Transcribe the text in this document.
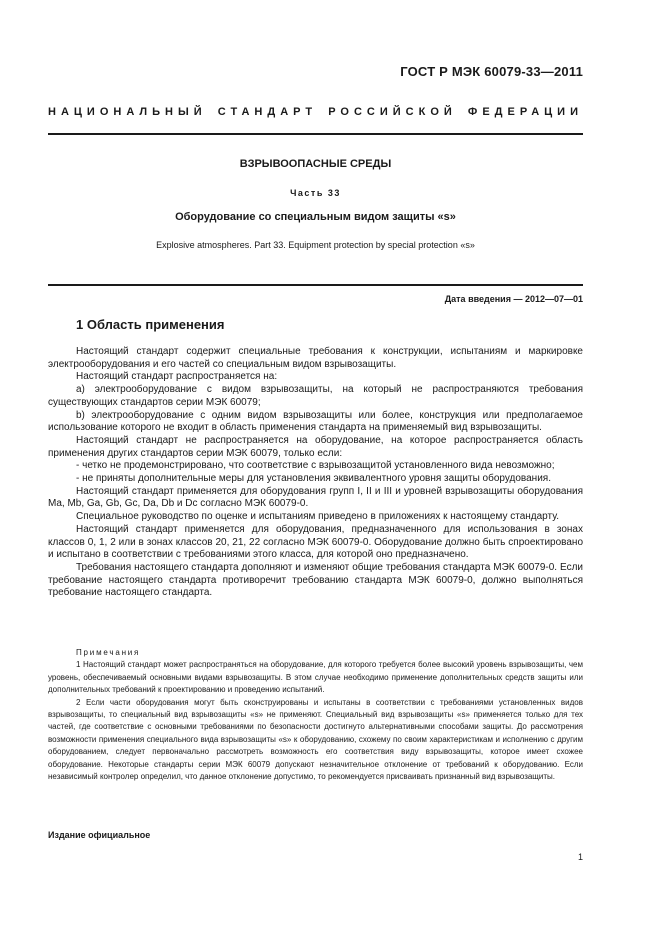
ГОСТ Р МЭК 60079-33—2011
НАЦИОНАЛЬНЫЙ СТАНДАРТ РОССИЙСКОЙ ФЕДЕРАЦИИ
ВЗРЫВООПАСНЫЕ СРЕДЫ
Часть 33
Оборудование со специальным видом защиты «s»
Explosive atmospheres. Part 33. Equipment protection by special protection «s»
Дата введения — 2012—07—01
1 Область применения

Настоящий стандарт содержит специальные требования к конструкции, испытаниям и маркировке электрооборудования и его частей со специальным видом взрывозащиты.

Настоящий стандарт распространяется на:

a) электрооборудование с видом взрывозащиты, на который не распространяются требования существующих стандартов серии МЭК 60079;

b) электрооборудование с одним видом взрывозащиты или более, конструкция или предполагаемое использование которого не входит в область применения стандарта на применяемый вид взрывозащиты.

Настоящий стандарт не распространяется на оборудование, на которое распространяется область применения других стандартов серии МЭК 60079, только если:

- четко не продемонстрировано, что соответствие с взрывозащитой установленного вида невозможно;

- не приняты дополнительные меры для установления эквивалентного уровня защиты оборудования.

Настоящий стандарт применяется для оборудования групп I, II и III и уровней взрывозащиты оборудования Ma, Mb, Ga, Gb, Gc, Da, Db и Dc согласно МЭК 60079-0.

Специальное руководство по оценке и испытаниям приведено в приложениях к настоящему стандарту.

Настоящий стандарт применяется для оборудования, предназначенного для использования в зонах классов 0, 1, 2 или в зонах классов 20, 21, 22 согласно МЭК 60079-0. Оборудование должно быть спроектировано и испытано в соответствии с требованиями этого класса, для которой оно предназначено.

Требования настоящего стандарта дополняют и изменяют общие требования стандарта МЭК 60079-0. Если требование настоящего стандарта противоречит требованию стандарта МЭК 60079-0, должно выполняться требование настоящего стандарта.

Примечания

1 Настоящий стандарт может распространяться на оборудование, для которого требуется более высокий уровень взрывозащиты, чем уровень, обеспечиваемый основными видами взрывозащиты. В этом случае необходимо применение дополнительных средств защиты или дополнительных требований к проектированию и проведению испытаний.

2 Если части оборудования могут быть сконструированы и испытаны в соответствии с требованиями установленных видов взрывозащиты, то специальный вид взрывозащиты «s» не применяют. Специальный вид взрывозащиты «s» применяется только для тех частей, где соответствие с основными требованиями по безопасности достигнуто альтернативными способами защиты. До рассмотрения возможности применения специального вида взрывозащиты «s» к оборудованию, схожему по своим характеристикам и исполнению с другим оборудованием, следует первоначально рассмотреть возможность его соответствия виду взрывозащиты, которое имеет схожее оборудование. Некоторые стандарты серии МЭК 60079 допускают незначительное отклонение от требований к оборудованию. Если независимый контролер определил, что данное отклонение допустимо, то рекомендуется присваивать признанный вид взрывозащиты.

Издание официальное
1
